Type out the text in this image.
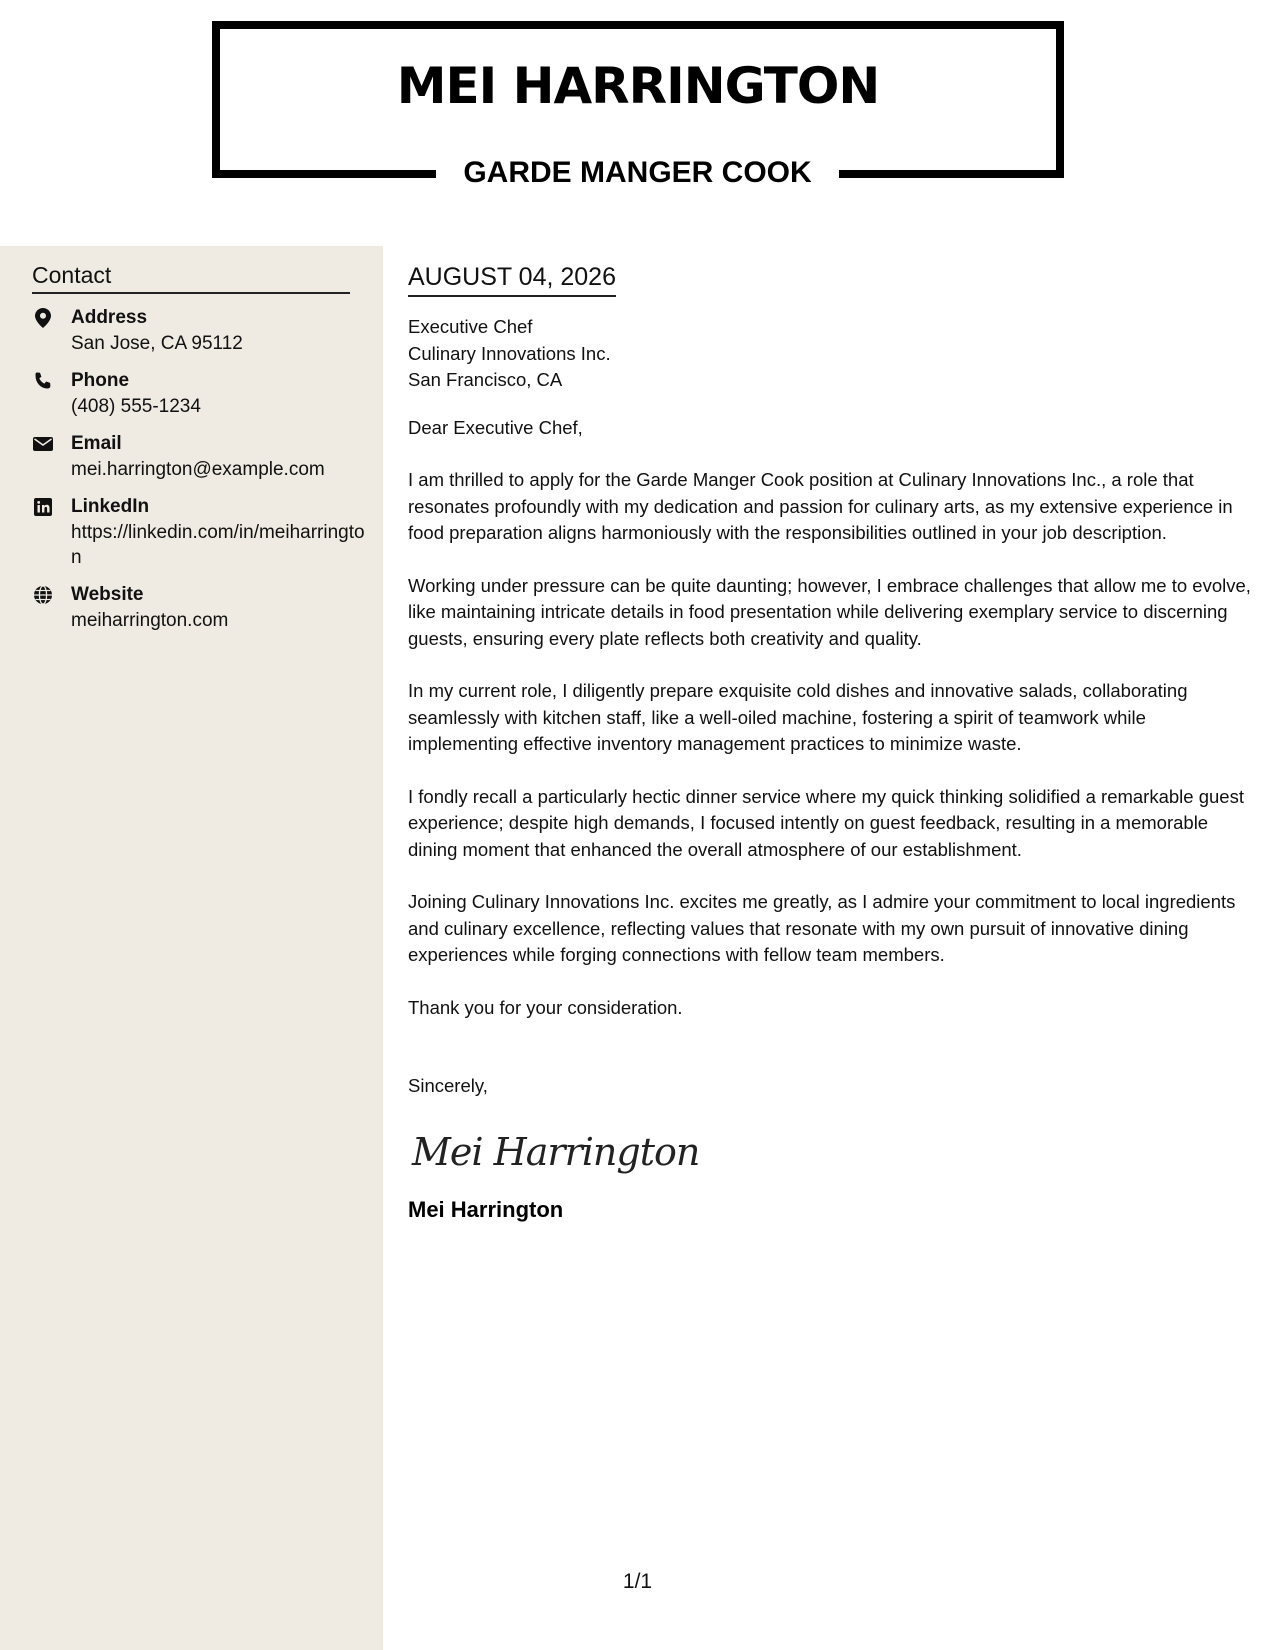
MEI HARRINGTON
GARDE MANGER COOK
Contact
Address
San Jose, CA 95112
Phone
(408) 555-1234
Email
mei.harrington@example.com
LinkedIn
https://linkedin.com/in/meiharrington
Website
meiharrington.com
AUGUST 04, 2026
Executive Chef
Culinary Innovations Inc.
San Francisco, CA

Dear Executive Chef,

I am thrilled to apply for the Garde Manger Cook position at Culinary Innovations Inc., a role that resonates profoundly with my dedication and passion for culinary arts, as my extensive experience in food preparation aligns harmoniously with the responsibilities outlined in your job description.

Working under pressure can be quite daunting; however, I embrace challenges that allow me to evolve, like maintaining intricate details in food presentation while delivering exemplary service to discerning guests, ensuring every plate reflects both creativity and quality.

In my current role, I diligently prepare exquisite cold dishes and innovative salads, collaborating seamlessly with kitchen staff, like a well-oiled machine, fostering a spirit of teamwork while implementing effective inventory management practices to minimize waste.

I fondly recall a particularly hectic dinner service where my quick thinking solidified a remarkable guest experience; despite high demands, I focused intently on guest feedback, resulting in a memorable dining moment that enhanced the overall atmosphere of our establishment.

Joining Culinary Innovations Inc. excites me greatly, as I admire your commitment to local ingredients and culinary excellence, reflecting values that resonate with my own pursuit of innovative dining experiences while forging connections with fellow team members.

Thank you for your consideration.

Sincerely,

Mei Harrington
Mei Harrington
1/1
